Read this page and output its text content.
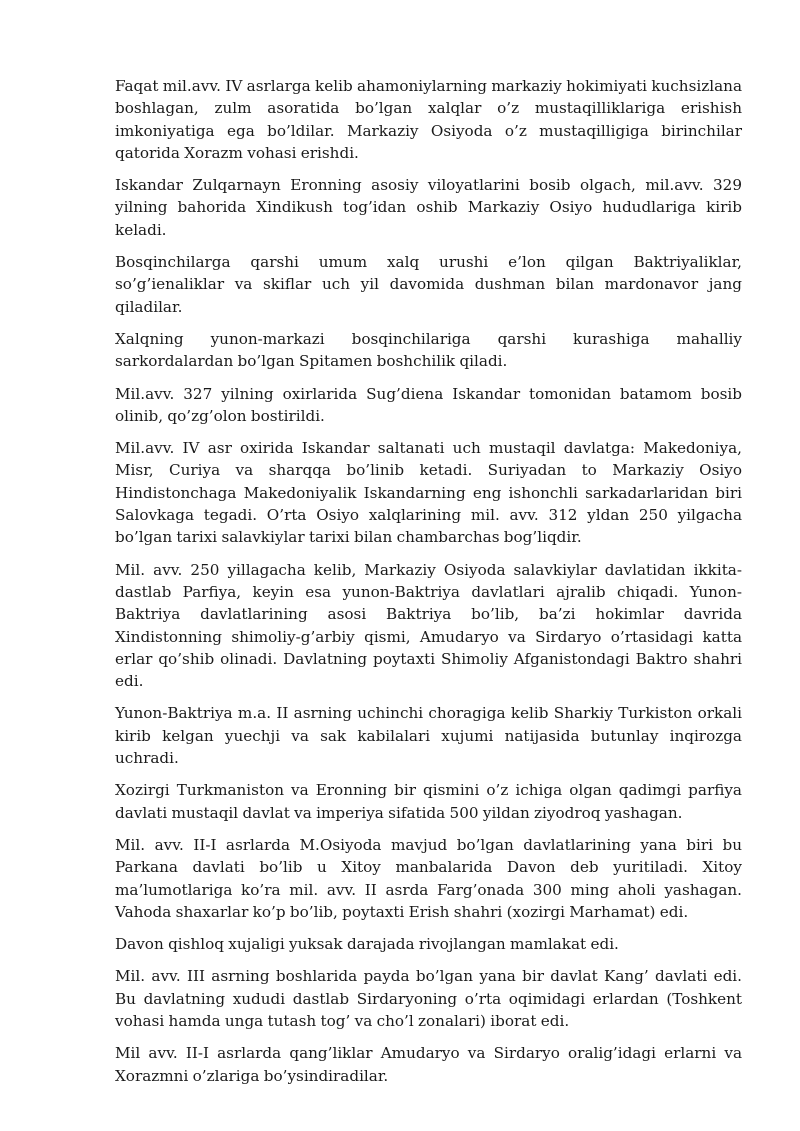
Faqat mil.avv. IV asrlarga kelib ahamoniylarning markaziy hokimiyati kuchsizlana boshlagan, zulm asoratida bo’lgan xalqlar o’z mustaqilliklariga erishish imkoniyatiga ega bo’ldilar. Markaziy Osiyoda o’z mustaqilligiga birinchilar qatorida Xorazm vohasi erishdi.

Iskandar Zulqarnayn Eronning asosiy viloyatlarini bosib olgach, mil.avv. 329 yilning bahorida Xindikush tog’idan oshib Markaziy Osiyo hududlariga kirib keladi.

Bosqinchilarga qarshi umum xalq urushi e’lon qilgan Baktriyaliklar, so’g’ienaliklar va skiflar uch yil davomida dushman bilan mardonavor jang qiladilar.

Xalqning yunon-markazi bosqinchilariga qarshi kurashiga mahalliy sarkordalardan bo’lgan Spitamen boshchilik qiladi.

Mil.avv. 327 yilning oxirlarida Sug’diena Iskandar tomonidan batamom bosib olinib, qo’zg’olon bostirildi.

Mil.avv. IV asr oxirida Iskandar saltanati uch mustaqil davlatga: Makedoniya, Misr, Curiya va sharqqa bo’linib ketadi. Suriyadan to Markaziy Osiyo Hindistonchaga Makedoniyalik Iskandarning eng ishonchli sarkadarlaridan biri Salovkaga tegadi. O’rta Osiyo xalqlarining mil. avv. 312 yldan 250 yilgacha bo’lgan tarixi salavkiylar tarixi bilan chambarchas bog’liqdir.

Mil. avv. 250 yillagacha kelib, Markaziy Osiyoda salavkiylar davlatidan ikkita-dastlab Parfiya, keyin esa yunon-Baktriya davlatlari ajralib chiqadi. Yunon-Baktriya davlatlarining asosi Baktriya bo’lib, ba’zi hokimlar davrida Xindistonning shimoliy-g’arbiy qismi, Amudaryo va Sirdaryo o’rtasidagi katta erlar qo’shib olinadi. Davlatning poytaxti Shimoliy Afganistondagi Baktro shahri edi.

Yunon-Baktriya m.a. II asrning uchinchi choragiga kelib Sharkiy Turkiston orkali kirib kelgan yuechji va sak kabilalari xujumi natijasida butunlay inqirozga uchradi.

Xozirgi Turkmaniston va Eronning bir qismini o’z ichiga olgan qadimgi parfiya davlati mustaqil davlat va imperiya sifatida 500 yildan ziyodroq yashagan.

Mil. avv. II-I asrlarda M.Osiyoda mavjud bo’lgan davlatlarining yana biri bu Parkana davlati bo’lib u Xitoy manbalarida Davon deb yuritiladi. Xitoy ma’lumotlariga ko’ra mil. avv. II asrda Farg’onada 300 ming aholi yashagan. Vahoda shaxarlar ko’p bo’lib, poytaxti Erish shahri (xozirgi Marhamat) edi.

Davon qishloq xujaligi yuksak darajada rivojlangan mamlakat edi.

Mil. avv. III asrning boshlarida payda bo’lgan yana bir davlat Kang’ davlati edi. Bu davlatning xududi dastlab Sirdaryoning o’rta oqimidagi erlardan (Toshkent vohasi hamda unga tutash tog’ va cho’l zonalari) iborat edi.

Mil avv. II-I asrlarda qang’liklar Amudaryo va Sirdaryo oralig’idagi erlarni va Xorazmni o’zlariga bo’ysindiradilar.
